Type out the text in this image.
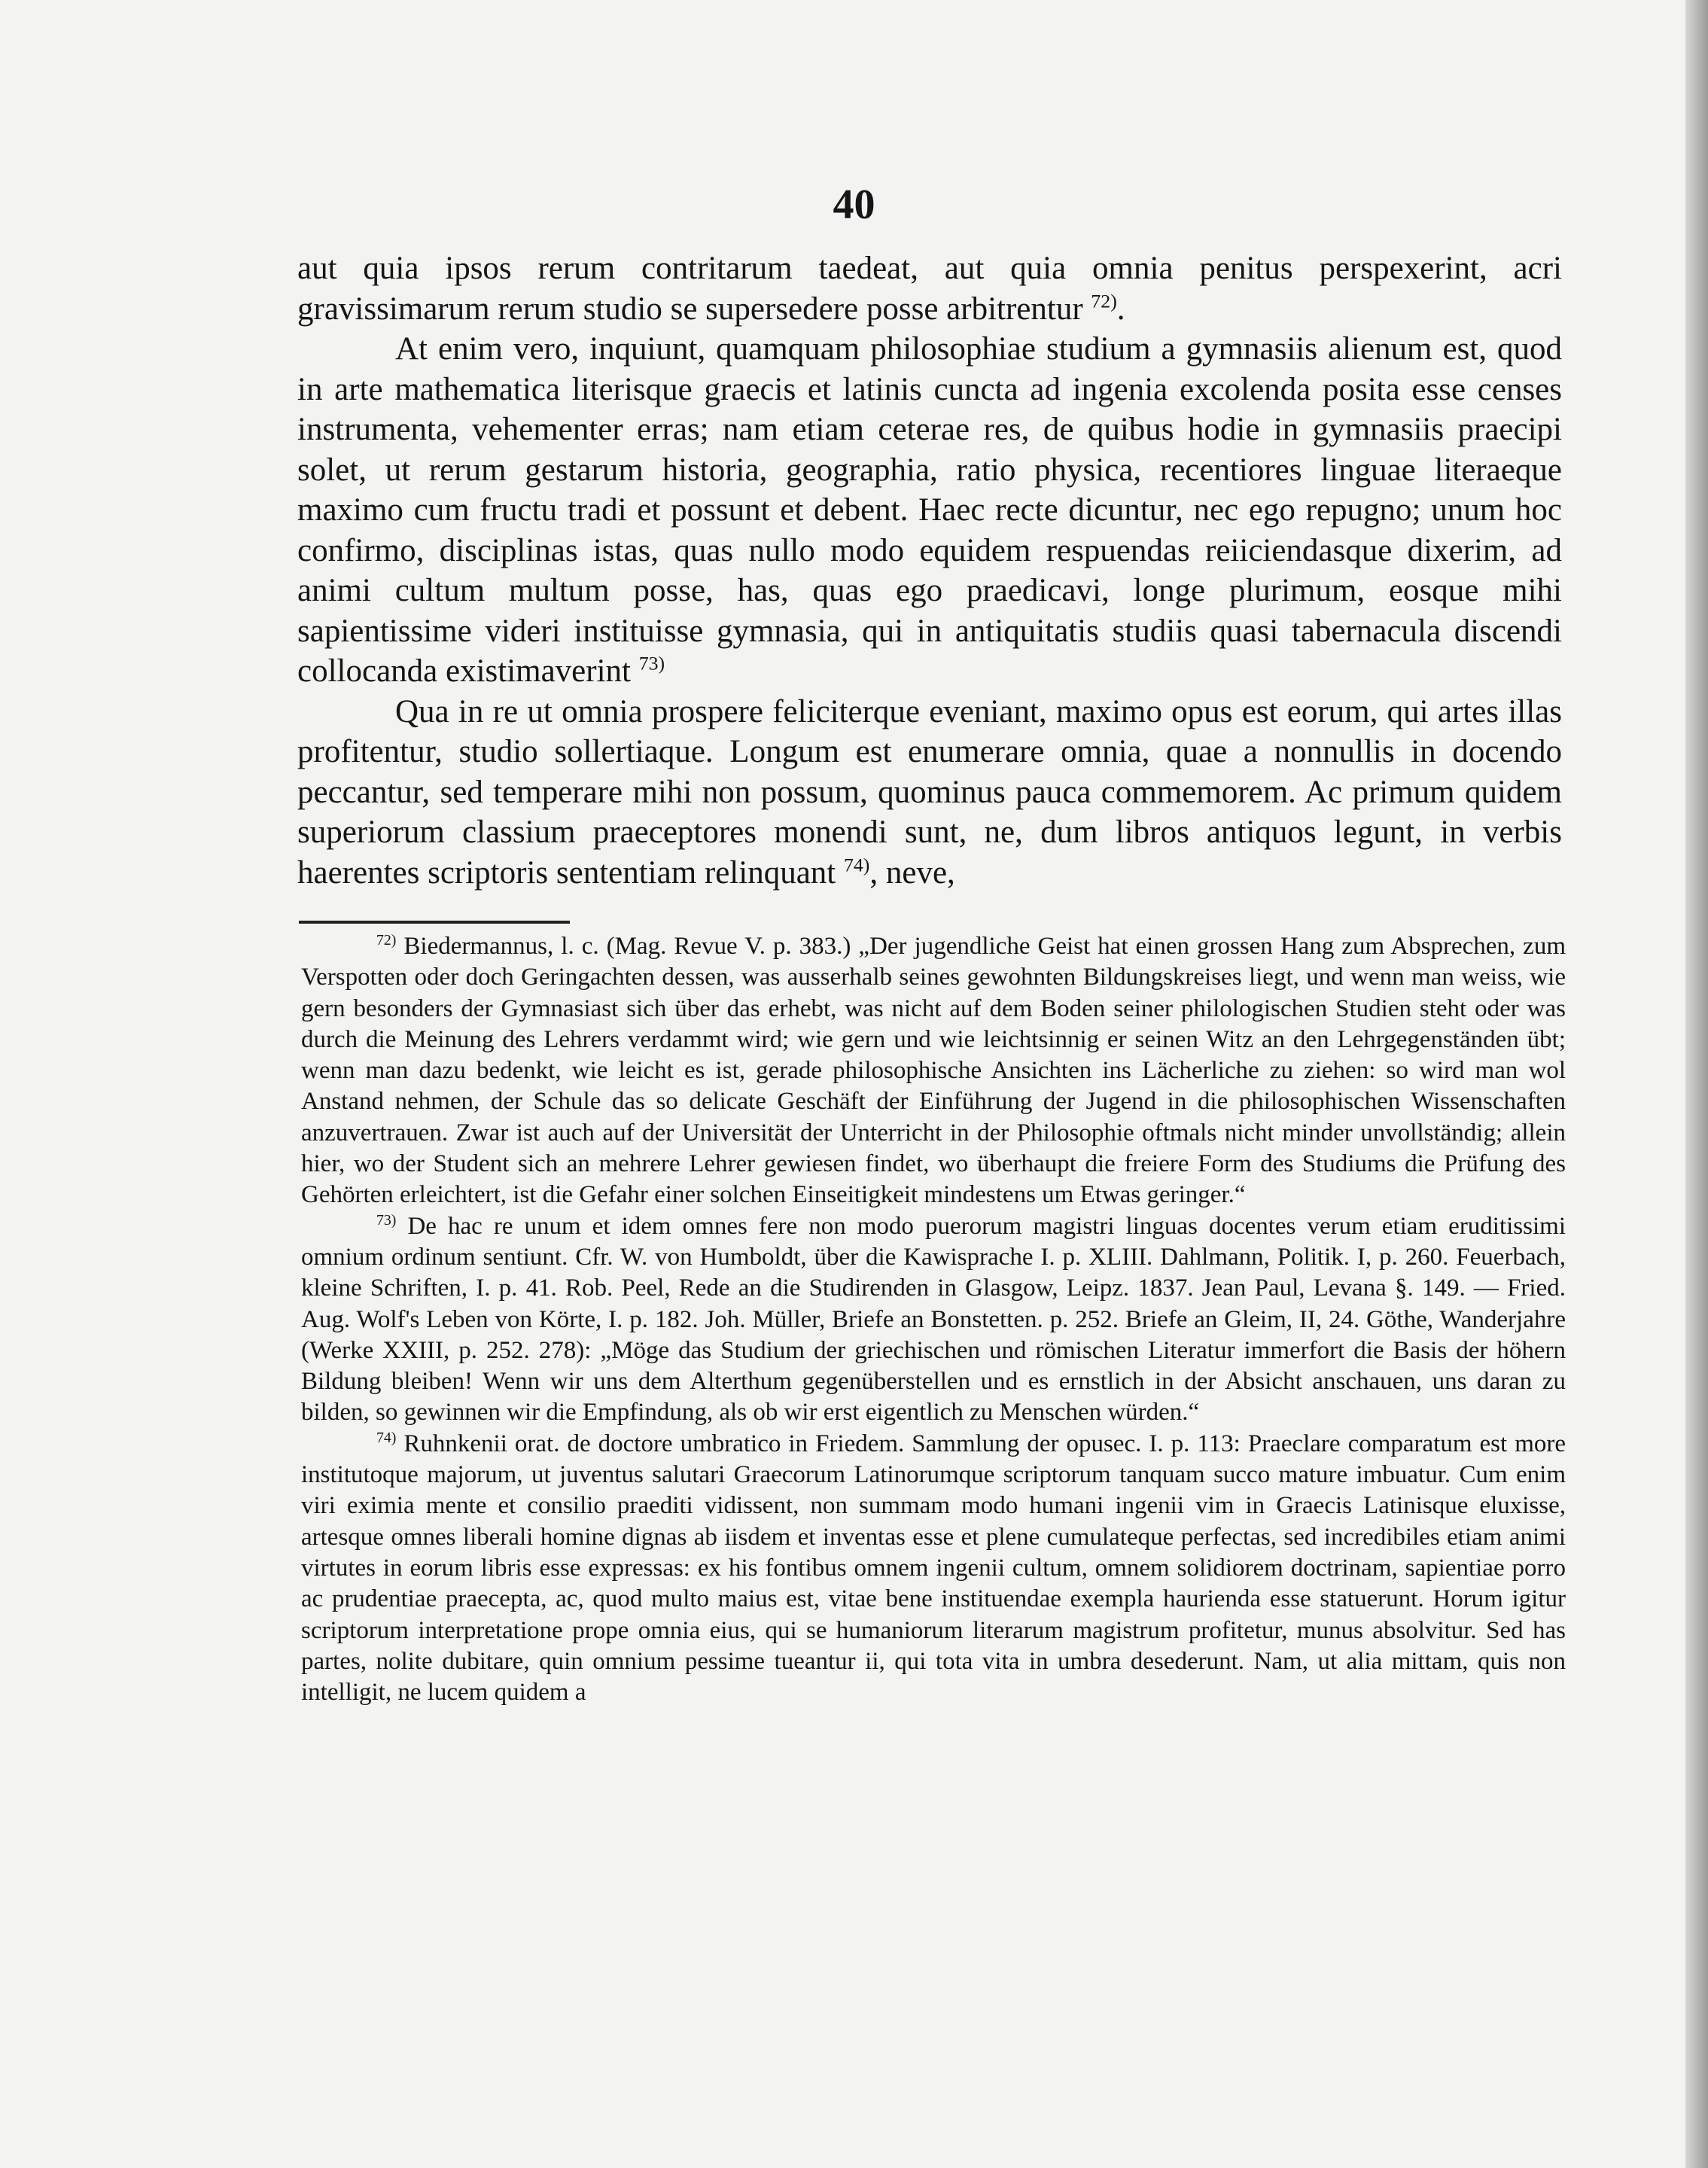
40

aut quia ipsos rerum contritarum taedeat, aut quia omnia penitus perspexerint, acri gravissimarum rerum studio se supersedere posse arbitrentur $^{72)}$.

At enim vero, inquiunt, quamquam philosophiae studium a gymnasiis alienum est, quod in arte mathematica literisque graecis et latinis cuncta ad ingenia excolenda posita esse censes instrumenta, vehementer erras; nam etiam ceterae res, de quibus hodie in gymnasiis praecipi solet, ut rerum gestarum historia, geographia, ratio physica, recentiores linguae literaeque maximo cum fructu tradi et possunt et debent. Haec recte dicuntur, nec ego repugno; unum hoc confirmo, disciplinas istas, quas nullo modo equidem respuendas reiiciendasque dixerim, ad animi cultum multum posse, has, quas ego praedicavi, longe plurimum, eosque mihi sapientissime videri instituisse gymnasia, qui in antiquitatis studiis quasi tabernacula discendi collocanda existimaverint $^{73)}$

Qua in re ut omnia prospere feliciterque eveniant, maximo opus est eorum, qui artes illas profitentur, studio sollertiaque. Longum est enumerare omnia, quae a nonnullis in docendo peccantur, sed temperare mihi non possum, quominus pauca commemorem. Ac primum quidem superiorum classium praeceptores monendi sunt, ne, dum libros antiquos legunt, in verbis haerentes scriptoris sententiam relinquant $^{74)}$, neve,

$^{72)}$ Biedermannus, l. c. (Mag. Revue V. p. 383.) „Der jugendliche Geist hat einen grossen Hang zum Absprechen, zum Verspotten oder doch Geringachten dessen, was ausserhalb seines gewohnten Bildungskreises liegt, und wenn man weiss, wie gern besonders der Gymnasiast sich über das erhebt, was nicht auf dem Boden seiner philologischen Studien steht oder was durch die Meinung des Lehrers verdammt wird; wie gern und wie leichtsinnig er seinen Witz an den Lehrgegenständen übt; wenn man dazu bedenkt, wie leicht es ist, gerade philosophische Ansichten ins Lächerliche zu ziehen: so wird man wol Anstand nehmen, der Schule das so delicate Geschäft der Einführung der Jugend in die philosophischen Wissenschaften anzuvertrauen. Zwar ist auch auf der Universität der Unterricht in der Philosophie oftmals nicht minder unvollständig; allein hier, wo der Student sich an mehrere Lehrer gewiesen findet, wo überhaupt die freiere Form des Studiums die Prüfung des Gehörten erleichtert, ist die Gefahr einer solchen Einseitigkeit mindestens um Etwas geringer.“

$^{73)}$ De hac re unum et idem omnes fere non modo puerorum magistri linguas docentes verum etiam eruditissimi omnium ordinum sentiunt. Cfr. W. von Humboldt, über die Kawisprache I. p. XLIII. Dahlmann, Politik. I, p. 260. Feuerbach, kleine Schriften, I. p. 41. Rob. Peel, Rede an die Studirenden in Glasgow, Leipz. 1837. Jean Paul, Levana §. 149. — Fried. Aug. Wolf's Leben von Körte, I. p. 182. Joh. Müller, Briefe an Bonstetten. p. 252. Briefe an Gleim, II, 24. Göthe, Wanderjahre (Werke XXIII, p. 252. 278): „Möge das Studium der griechischen und römischen Literatur immerfort die Basis der höhern Bildung bleiben! Wenn wir uns dem Alterthum gegenüberstellen und es ernstlich in der Absicht anschauen, uns daran zu bilden, so gewinnen wir die Empfindung, als ob wir erst eigentlich zu Menschen würden.“

$^{74)}$ Ruhnkenii orat. de doctore umbratico in Friedem. Sammlung der opusec. I. p. 113: Praeclare comparatum est more institutoque majorum, ut juventus salutari Graecorum Latinorumque scriptorum tanquam succo mature imbuatur. Cum enim viri eximia mente et consilio praediti vidissent, non summam modo humani ingenii vim in Graecis Latinisque eluxisse, artesque omnes liberali homine dignas ab iisdem et inventas esse et plene cumulateque perfectas, sed incredibiles etiam animi virtutes in eorum libris esse expressas: ex his fontibus omnem ingenii cultum, omnem solidiorem doctrinam, sapientiae porro ac prudentiae praecepta, ac, quod multo maius est, vitae bene instituendae exempla haurienda esse statuerunt. Horum igitur scriptorum interpretatione prope omnia eius, qui se humaniorum literarum magistrum profitetur, munus absolvitur. Sed has partes, nolite dubitare, quin omnium pessime tueantur ii, qui tota vita in umbra desederunt. Nam, ut alia mittam, quis non intelligit, ne lucem quidem a
